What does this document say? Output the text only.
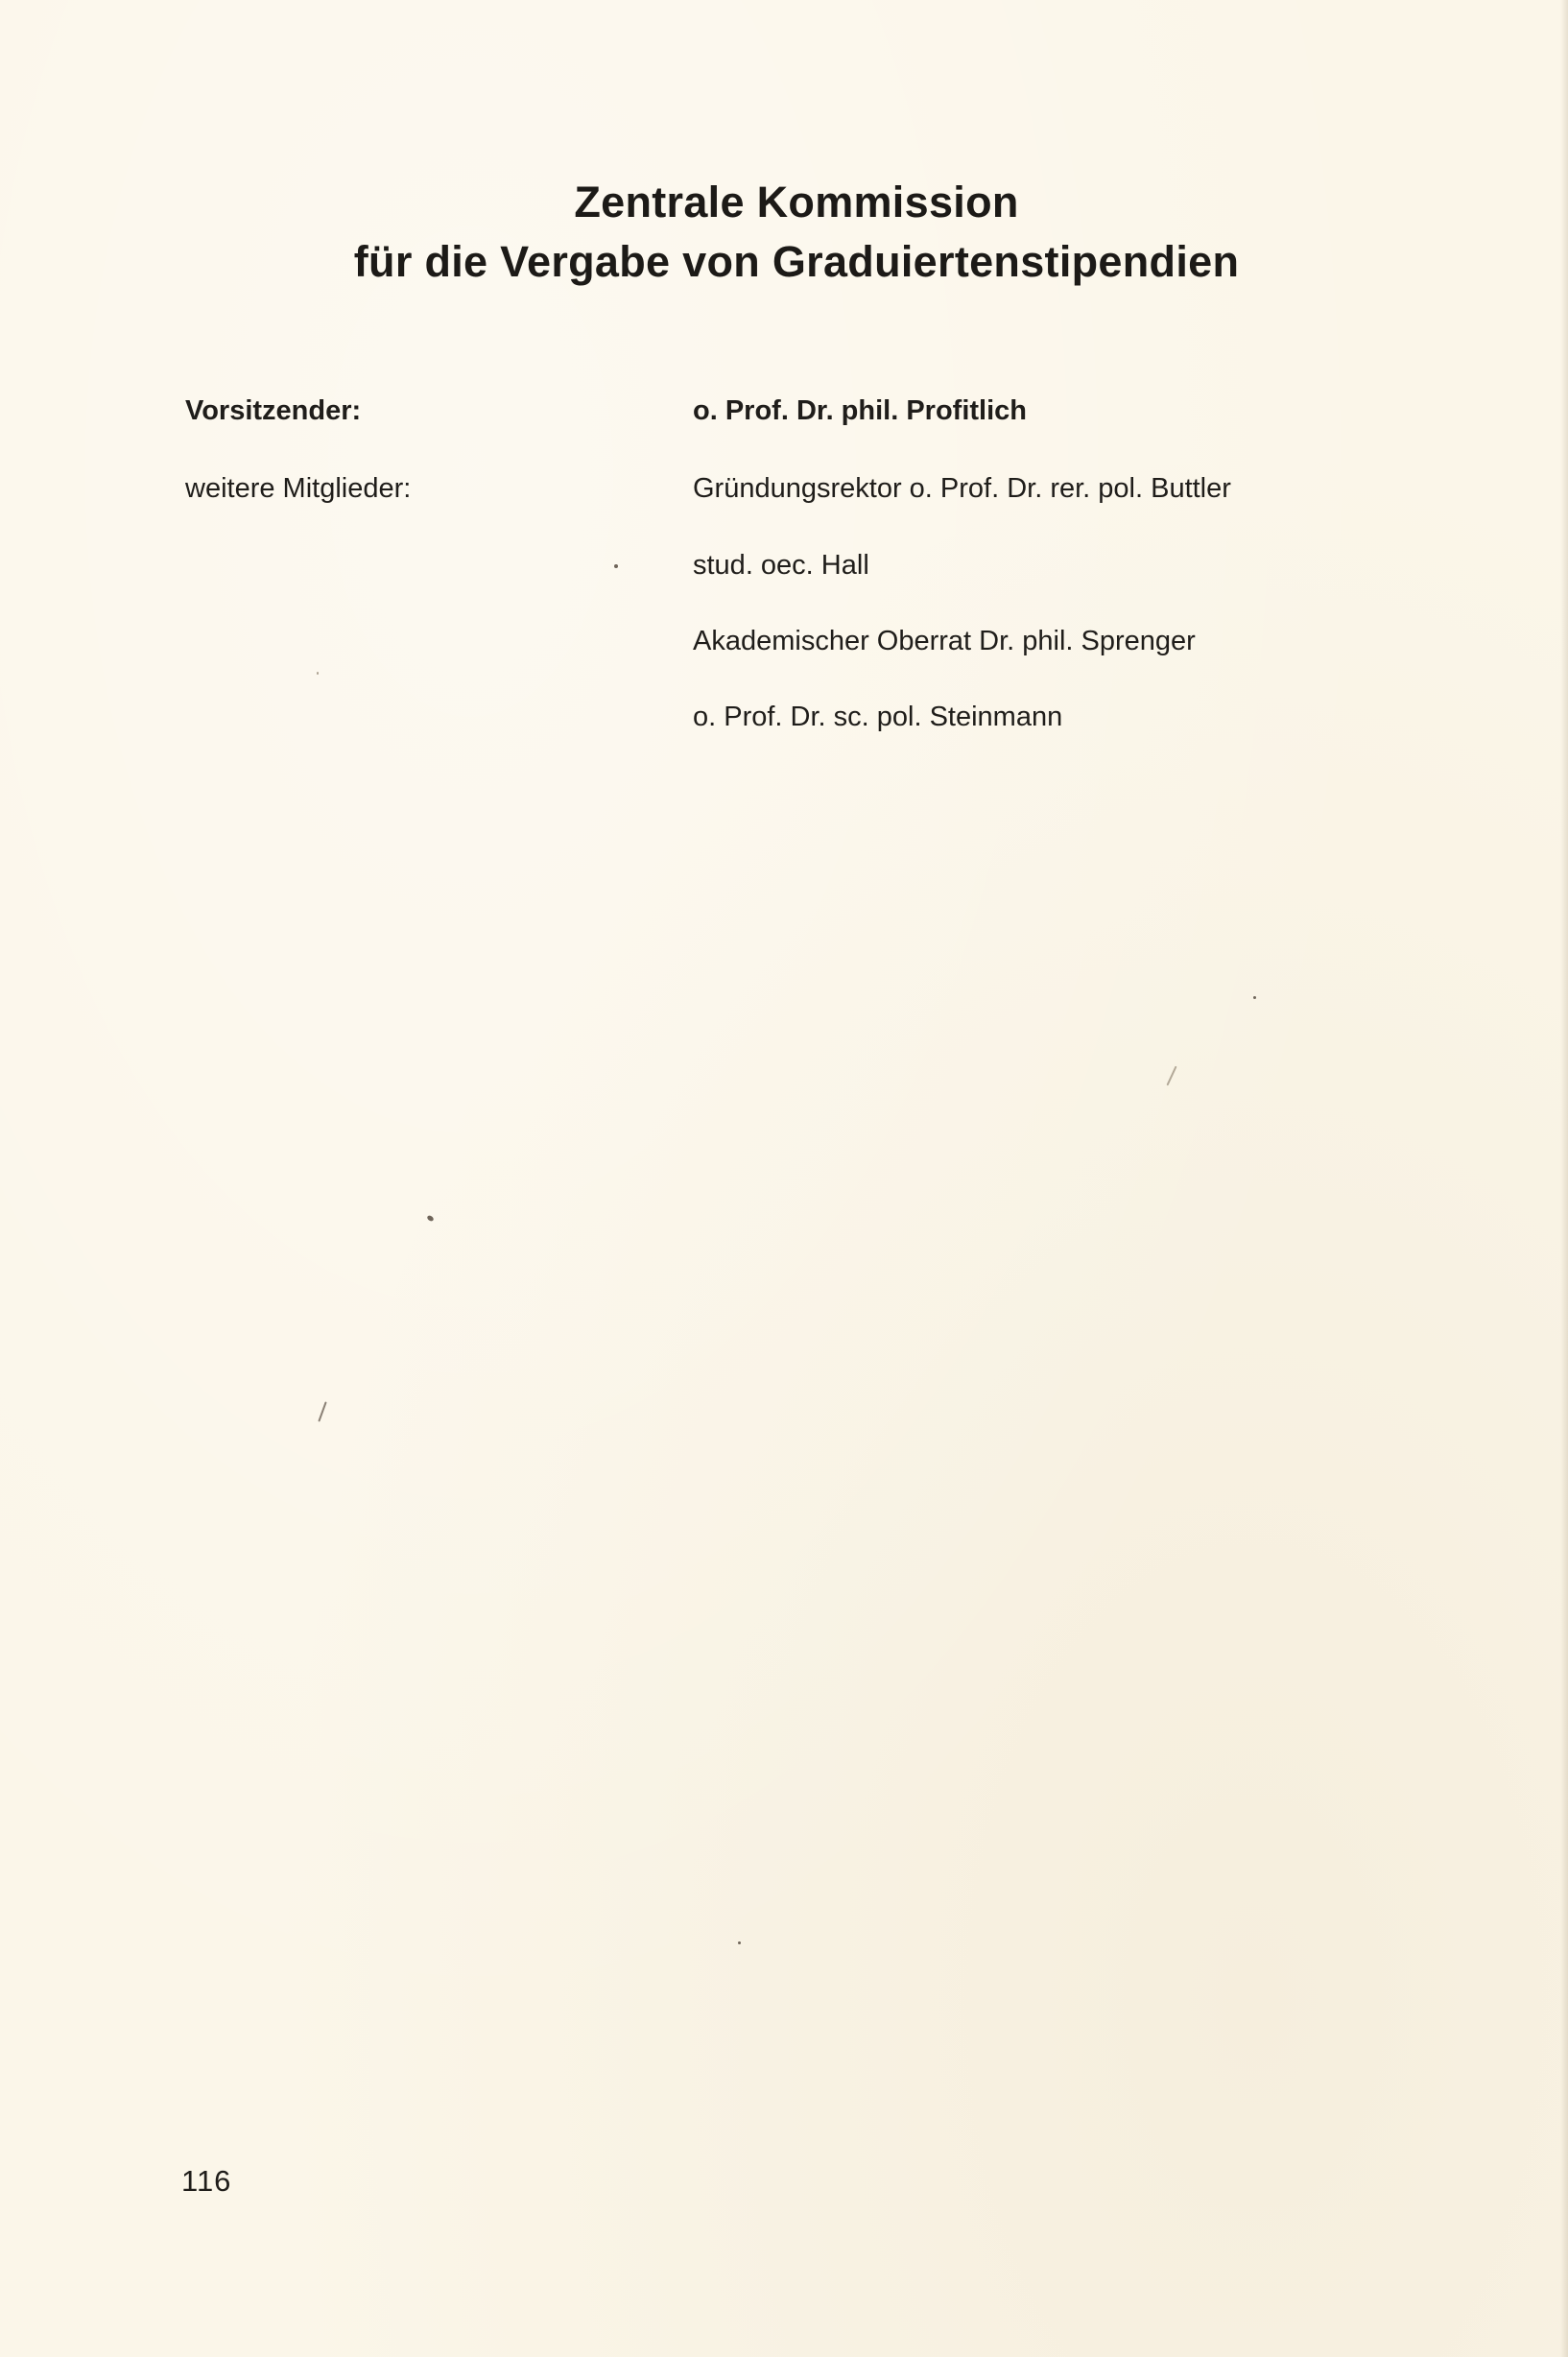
Zentrale Kommission
für die Vergabe von Graduiertenstipendien
Vorsitzender:	o. Prof. Dr. phil. Profitlich
weitere Mitglieder:	Gründungsrektor o. Prof. Dr. rer. pol. Buttler
stud. oec. Hall
Akademischer Oberrat Dr. phil. Sprenger
o. Prof. Dr. sc. pol. Steinmann
116
